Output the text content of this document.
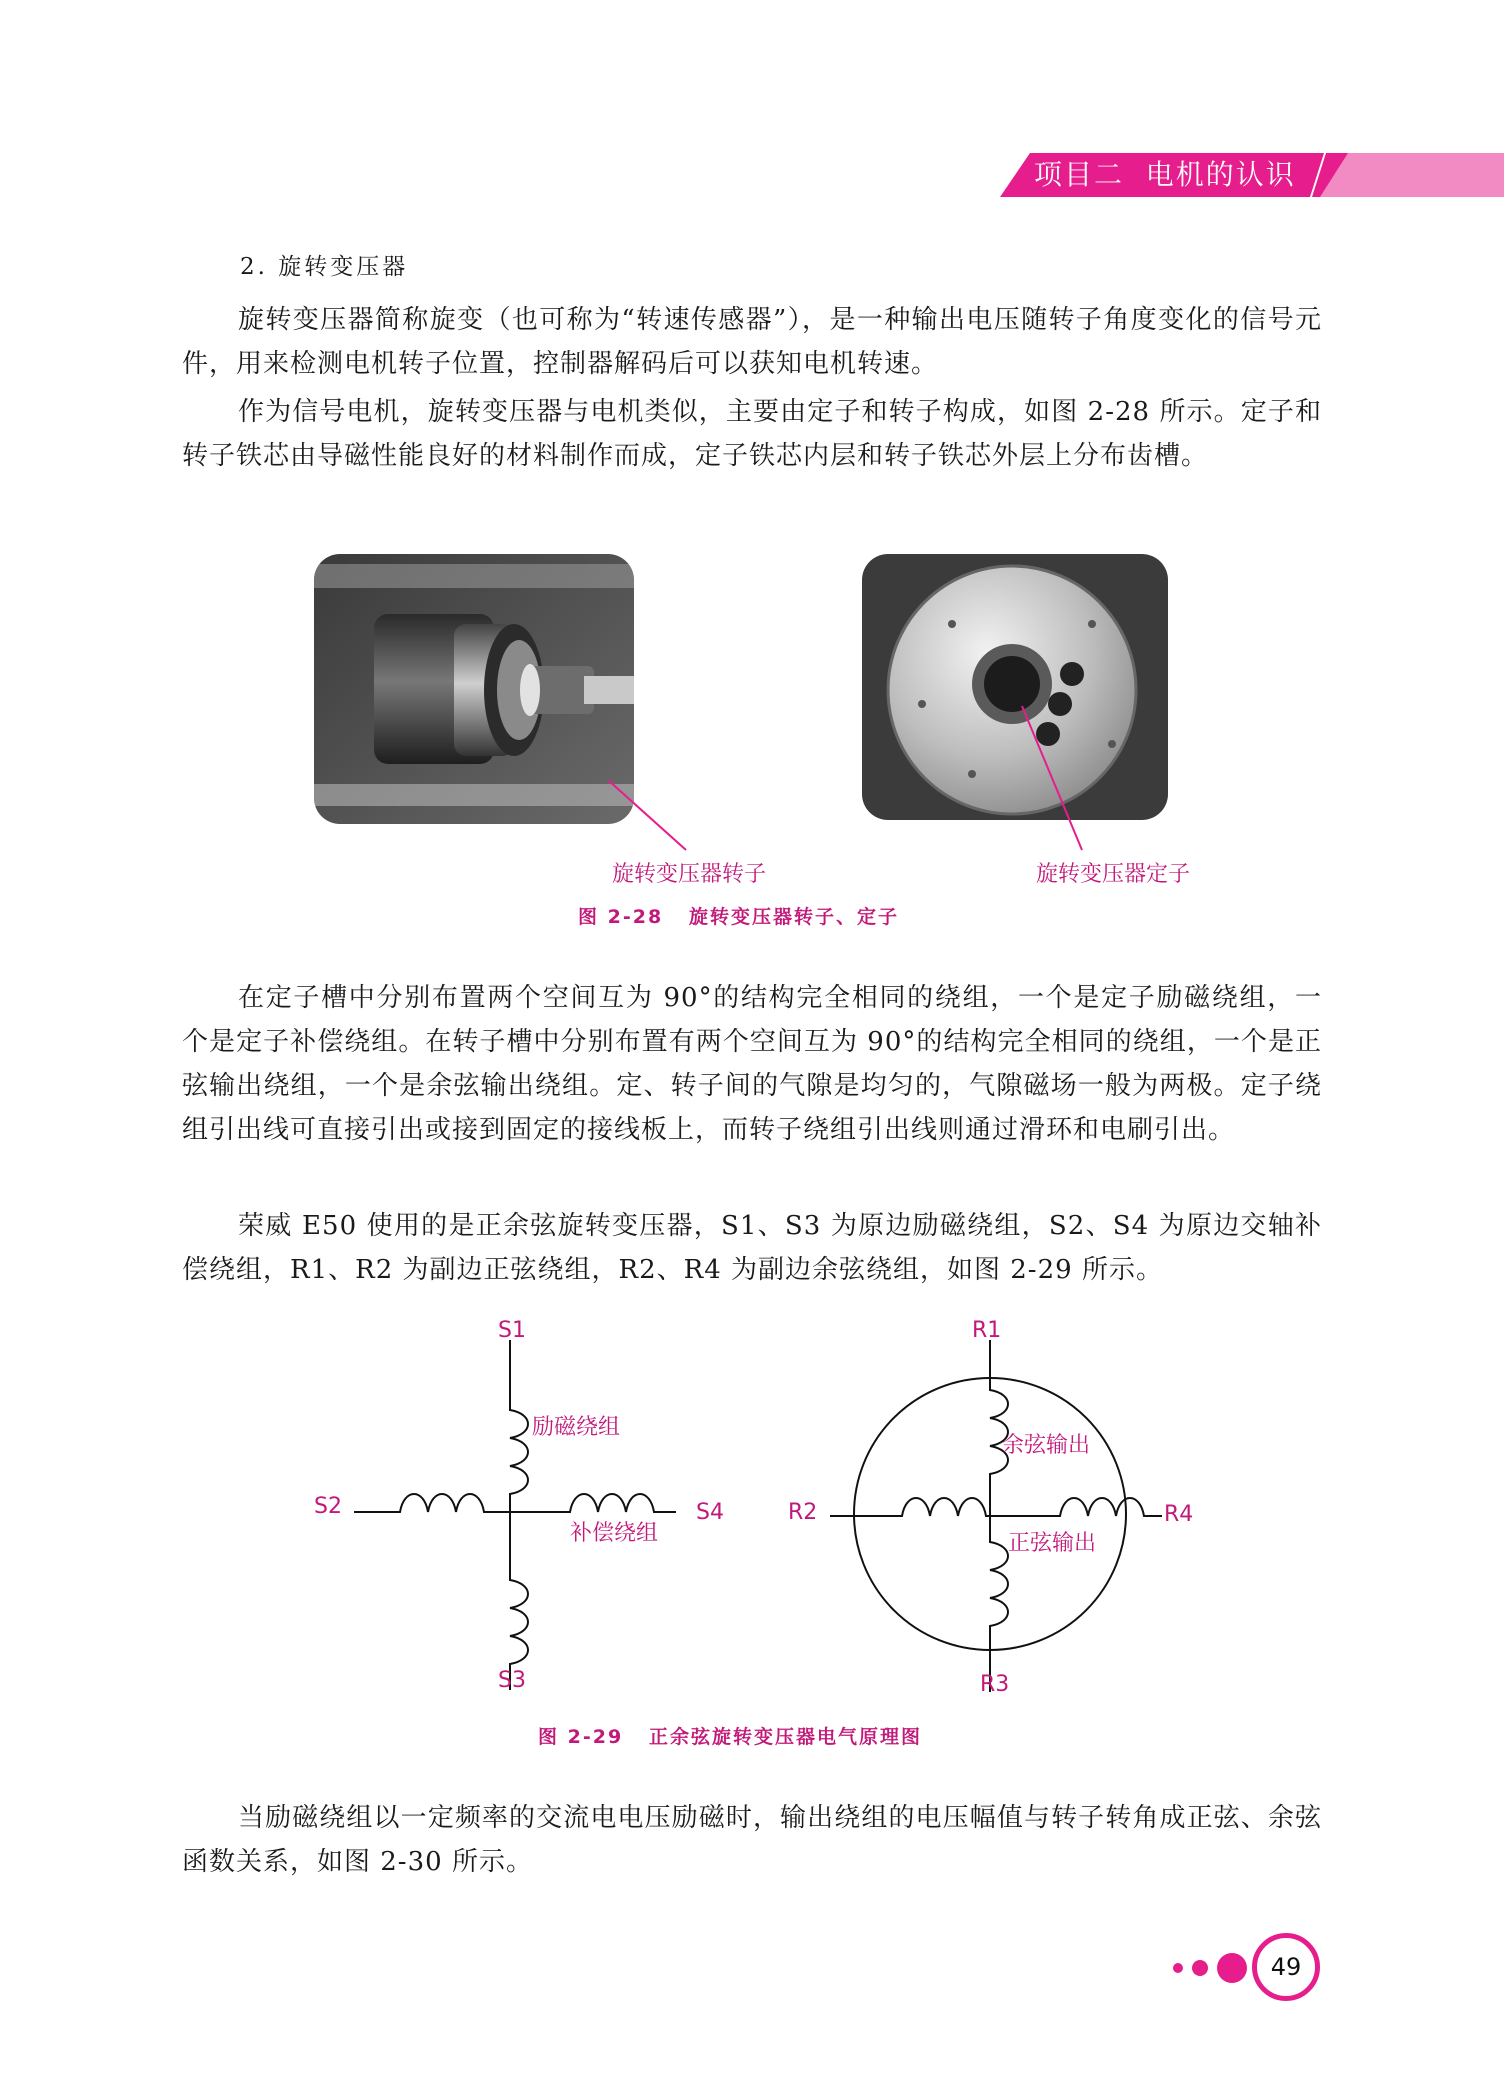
项目二  电机的认识
2. 旋转变压器

旋转变压器简称旋变（也可称为“转速传感器”），是一种输出电压随转子角度变化的信号元件，用来检测电机转子位置，控制器解码后可以获知电机转速。

作为信号电机，旋转变压器与电机类似，主要由定子和转子构成，如图 2-28 所示。定子和转子铁芯由导磁性能良好的材料制作而成，定子铁芯内层和转子铁芯外层上分布齿槽。

旋转变压器转子	旋转变压器定子
图 2-28   旋转变压器转子、定子

在定子槽中分别布置两个空间互为 90°的结构完全相同的绕组，一个是定子励磁绕组，一个是定子补偿绕组。在转子槽中分别布置有两个空间互为 90°的结构完全相同的绕组，一个是正弦输出绕组，一个是余弦输出绕组。定、转子间的气隙是均匀的，气隙磁场一般为两极。定子绕组引出线可直接引出或接到固定的接线板上，而转子绕组引出线则通过滑环和电刷引出。

荣威 E50 使用的是正余弦旋转变压器，S1、S3 为原边励磁绕组，S2、S4 为原边交轴补偿绕组，R1、R2 为副边正弦绕组，R2、R4 为副边余弦绕组，如图 2-29 所示。

S1
S2	S4
S3
励磁绕组
补偿绕组
R1
R2	R4
R3
余弦输出
正弦输出
图 2-29   正余弦旋转变压器电气原理图

当励磁绕组以一定频率的交流电电压励磁时，输出绕组的电压幅值与转子转角成正弦、余弦函数关系，如图 2-30 所示。

49
